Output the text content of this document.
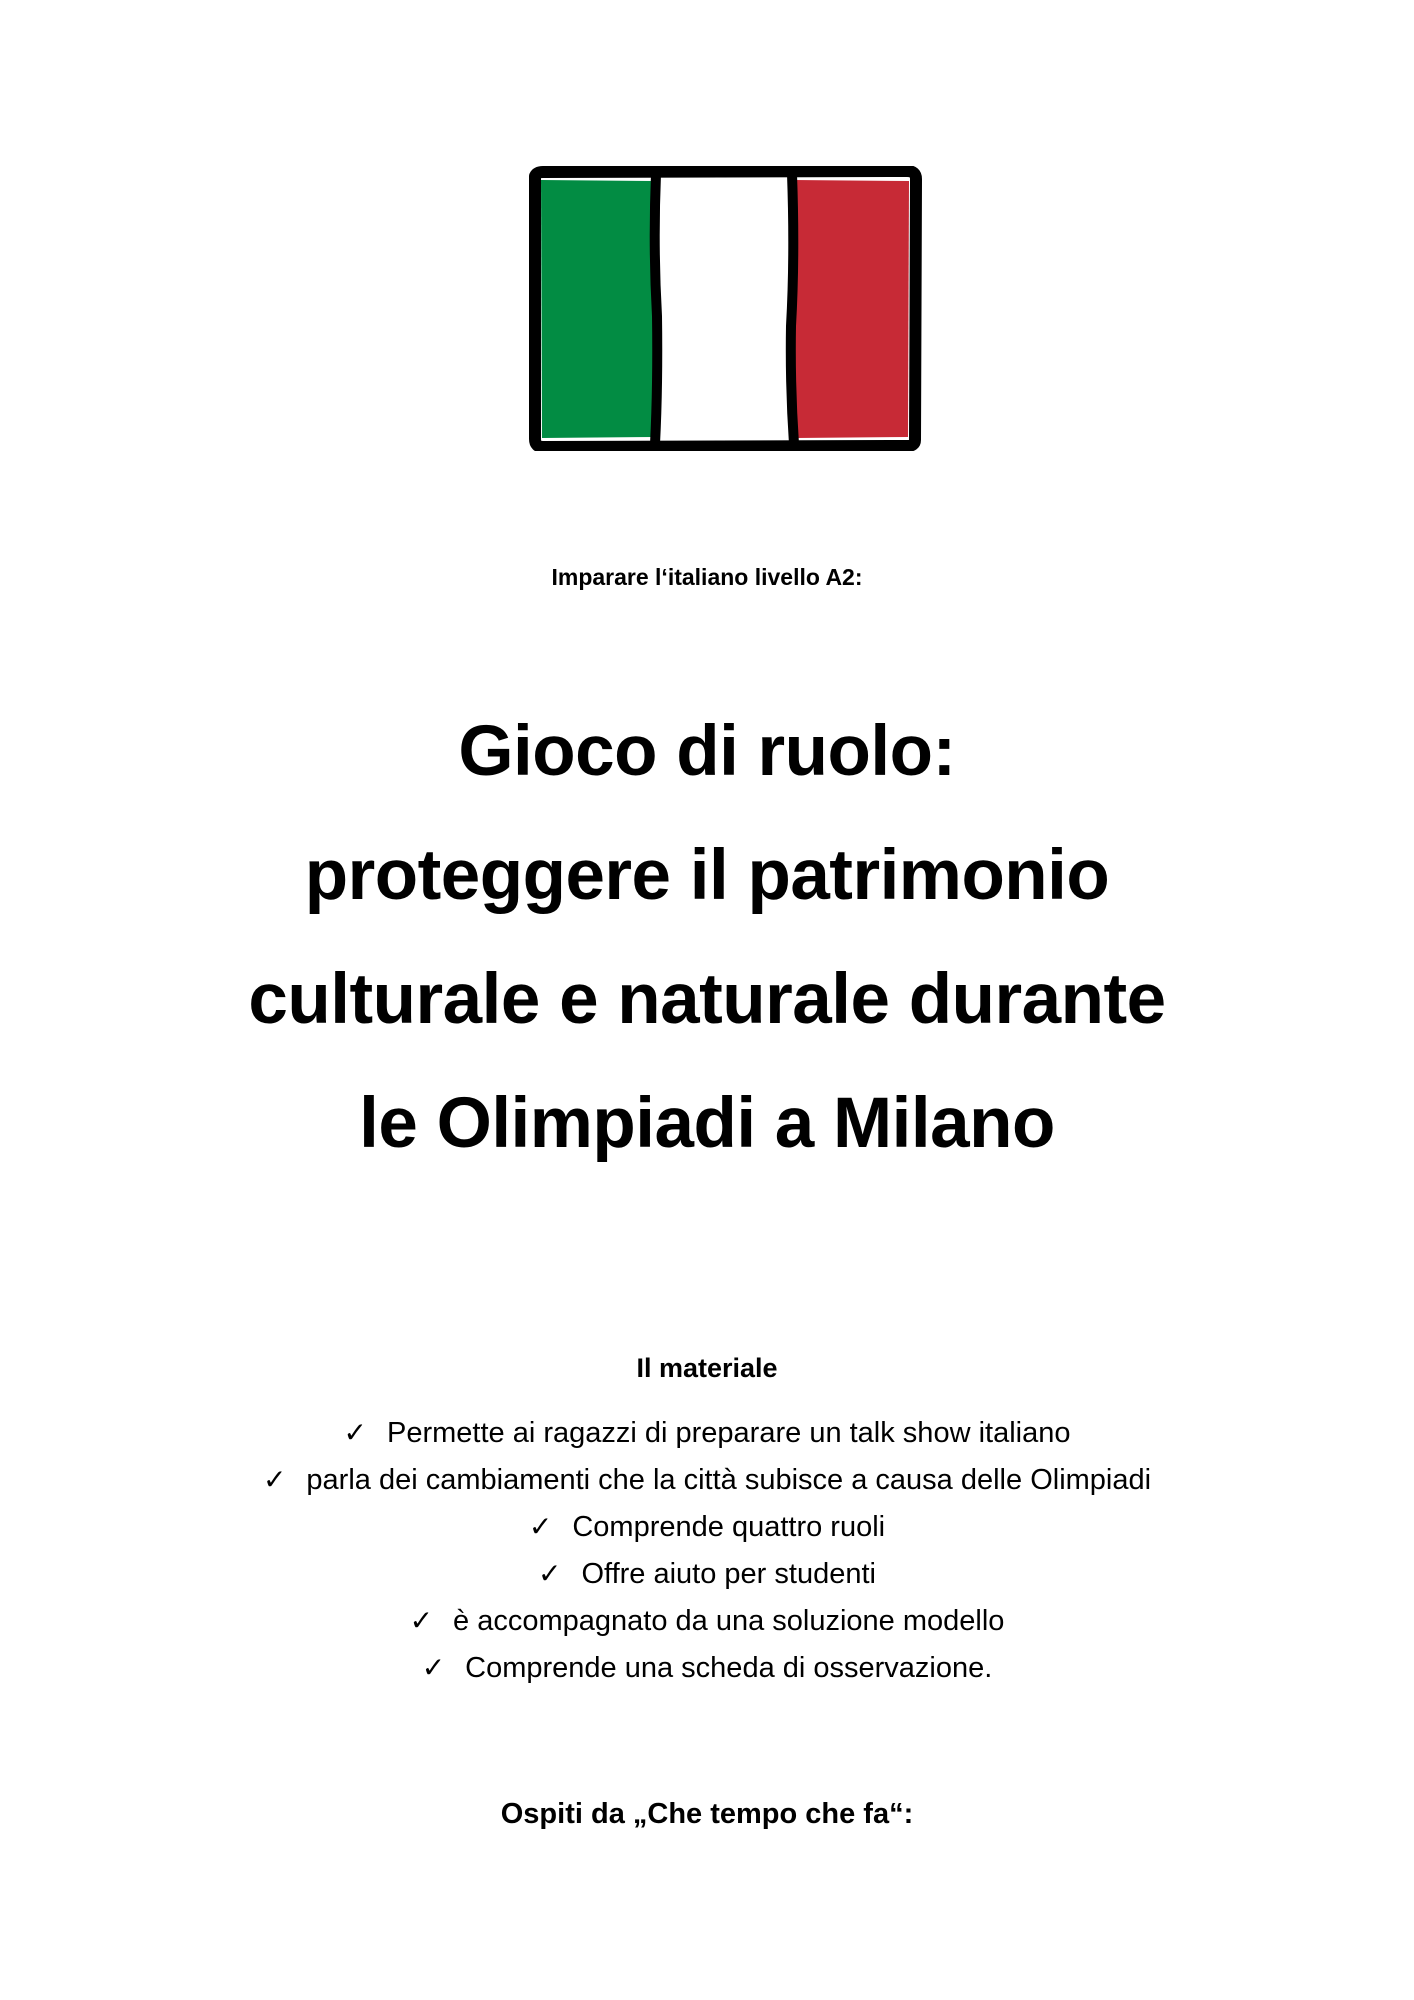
Imparare l‘italiano livello A2:
Gioco di ruolo:
proteggere il patrimonio
culturale e naturale durante
le Olimpiadi a Milano
Il materiale
✓ Permette ai ragazzi di preparare un talk show italiano
✓ parla dei cambiamenti che la città subisce a causa delle Olimpiadi
✓ Comprende quattro ruoli
✓ Offre aiuto per studenti
✓ è accompagnato da una soluzione modello
✓ Comprende una scheda di osservazione.
Ospiti da „Che tempo che fa“:
